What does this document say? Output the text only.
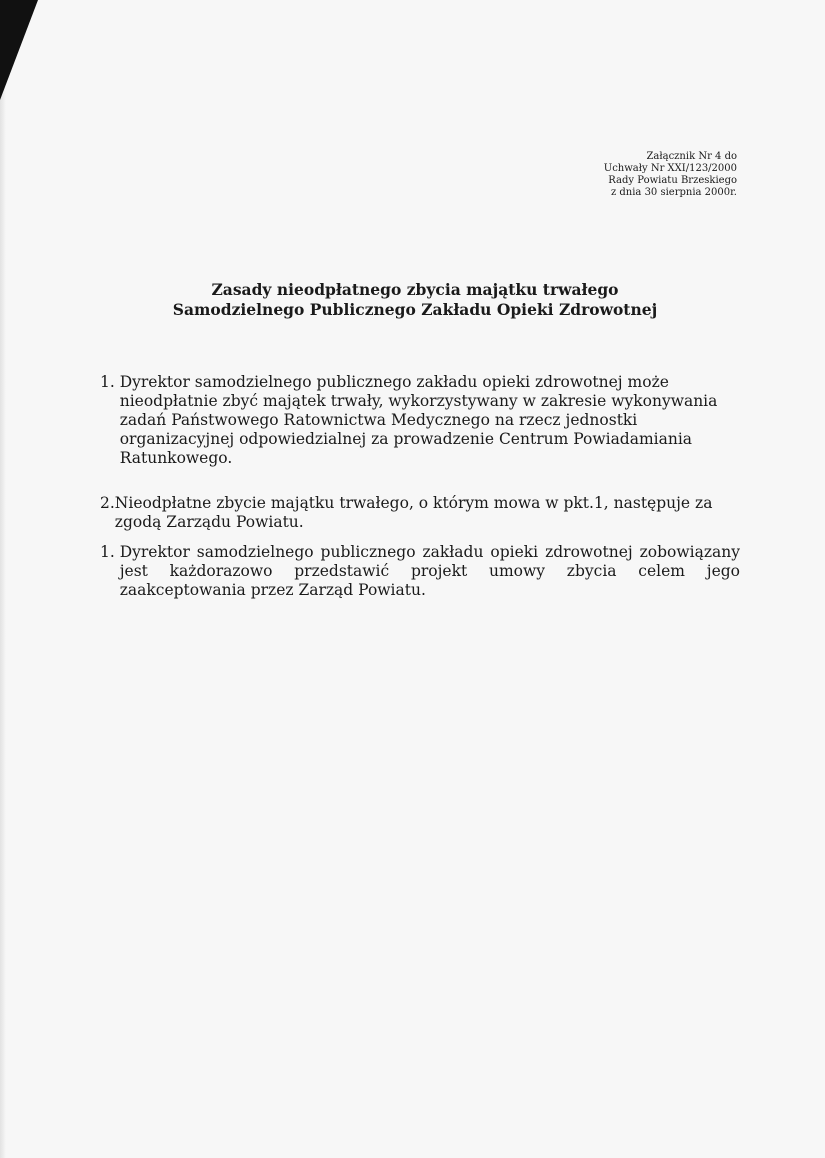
Załącznik Nr 4 do
Uchwały Nr XXI/123/2000
Rady Powiatu Brzeskiego
z dnia 30 sierpnia 2000r.
Zasady nieodpłatnego zbycia majątku trwałego
Samodzielnego Publicznego Zakładu Opieki Zdrowotnej
1. Dyrektor samodzielnego publicznego zakładu opieki zdrowotnej może
nieodpłatnie zbyć majątek trwały, wykorzystywany w zakresie wykonywania
zadań Państwowego Ratownictwa Medycznego na rzecz jednostki
organizacyjnej odpowiedzialnej za prowadzenie Centrum Powiadamiania
Ratunkowego.
2. Nieodpłatne zbycie majątku trwałego, o którym mowa w pkt.1, następuje za
zgodą Zarządu Powiatu.
1. Dyrektor samodzielnego publicznego zakładu opieki zdrowotnej zobowiązany
jest każdorazowo przedstawić projekt umowy zbycia celem jego
zaakceptowania przez Zarząd Powiatu.
